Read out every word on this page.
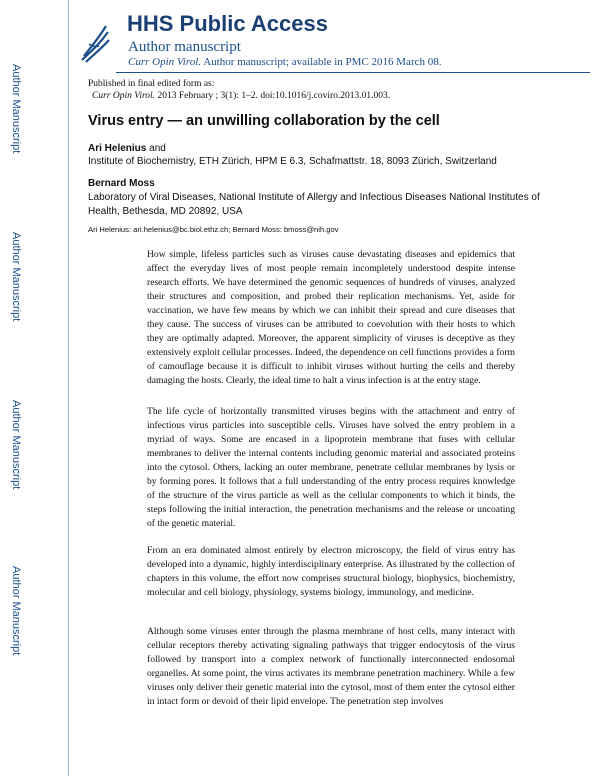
Author Manuscript
Author Manuscript
Author Manuscript
Author Manuscript
HHS Public Access
Author manuscript
Curr Opin Virol. Author manuscript; available in PMC 2016 March 08.
Published in final edited form as:
Curr Opin Virol. 2013 February ; 3(1): 1–2. doi:10.1016/j.coviro.2013.01.003.
Virus entry — an unwilling collaboration by the cell
Ari Helenius and
Institute of Biochemistry, ETH Zürich, HPM E 6.3, Schafmattstr. 18, 8093 Zürich, Switzerland
Bernard Moss
Laboratory of Viral Diseases, National Institute of Allergy and Infectious Diseases National Institutes of Health, Bethesda, MD 20892, USA
Ari Helenius: ari.helenius@bc.biol.ethz.ch; Bernard Moss: bmoss@nih.gov

How simple, lifeless particles such as viruses cause devastating diseases and epidemics that affect the everyday lives of most people remain incompletely understood despite intense research efforts. We have determined the genomic sequences of hundreds of viruses, analyzed their structures and composition, and probed their replication mechanisms. Yet, aside for vaccination, we have few means by which we can inhibit their spread and cure diseases that they cause. The success of viruses can be attributed to coevolution with their hosts to which they are optimally adapted. Moreover, the apparent simplicity of viruses is deceptive as they extensively exploit cellular processes. Indeed, the dependence on cell functions provides a form of camouflage because it is difficult to inhibit viruses without hurting the cells and thereby damaging the hosts. Clearly, the ideal time to halt a virus infection is at the entry stage.

The life cycle of horizontally transmitted viruses begins with the attachment and entry of infectious virus particles into susceptible cells. Viruses have solved the entry problem in a myriad of ways. Some are encased in a lipoprotein membrane that fuses with cellular membranes to deliver the internal contents including genomic material and associated proteins into the cytosol. Others, lacking an outer membrane, penetrate cellular membranes by lysis or by forming pores. It follows that a full understanding of the entry process requires knowledge of the structure of the virus particle as well as the cellular components to which it binds, the steps following the initial interaction, the penetration mechanisms and the release or uncoating of the genetic material.

From an era dominated almost entirely by electron microscopy, the field of virus entry has developed into a dynamic, highly interdisciplinary enterprise. As illustrated by the collection of chapters in this volume, the effort now comprises structural biology, biophysics, biochemistry, molecular and cell biology, physiology, systems biology, immunology, and medicine.

Although some viruses enter through the plasma membrane of host cells, many interact with cellular receptors thereby activating signaling pathways that trigger endocytosis of the virus followed by transport into a complex network of functionally interconnected endosomal organelles. At some point, the virus activates its membrane penetration machinery. While a few viruses only deliver their genetic material into the cytosol, most of them enter the cytosol either in intact form or devoid of their lipid envelope. The penetration step involves
